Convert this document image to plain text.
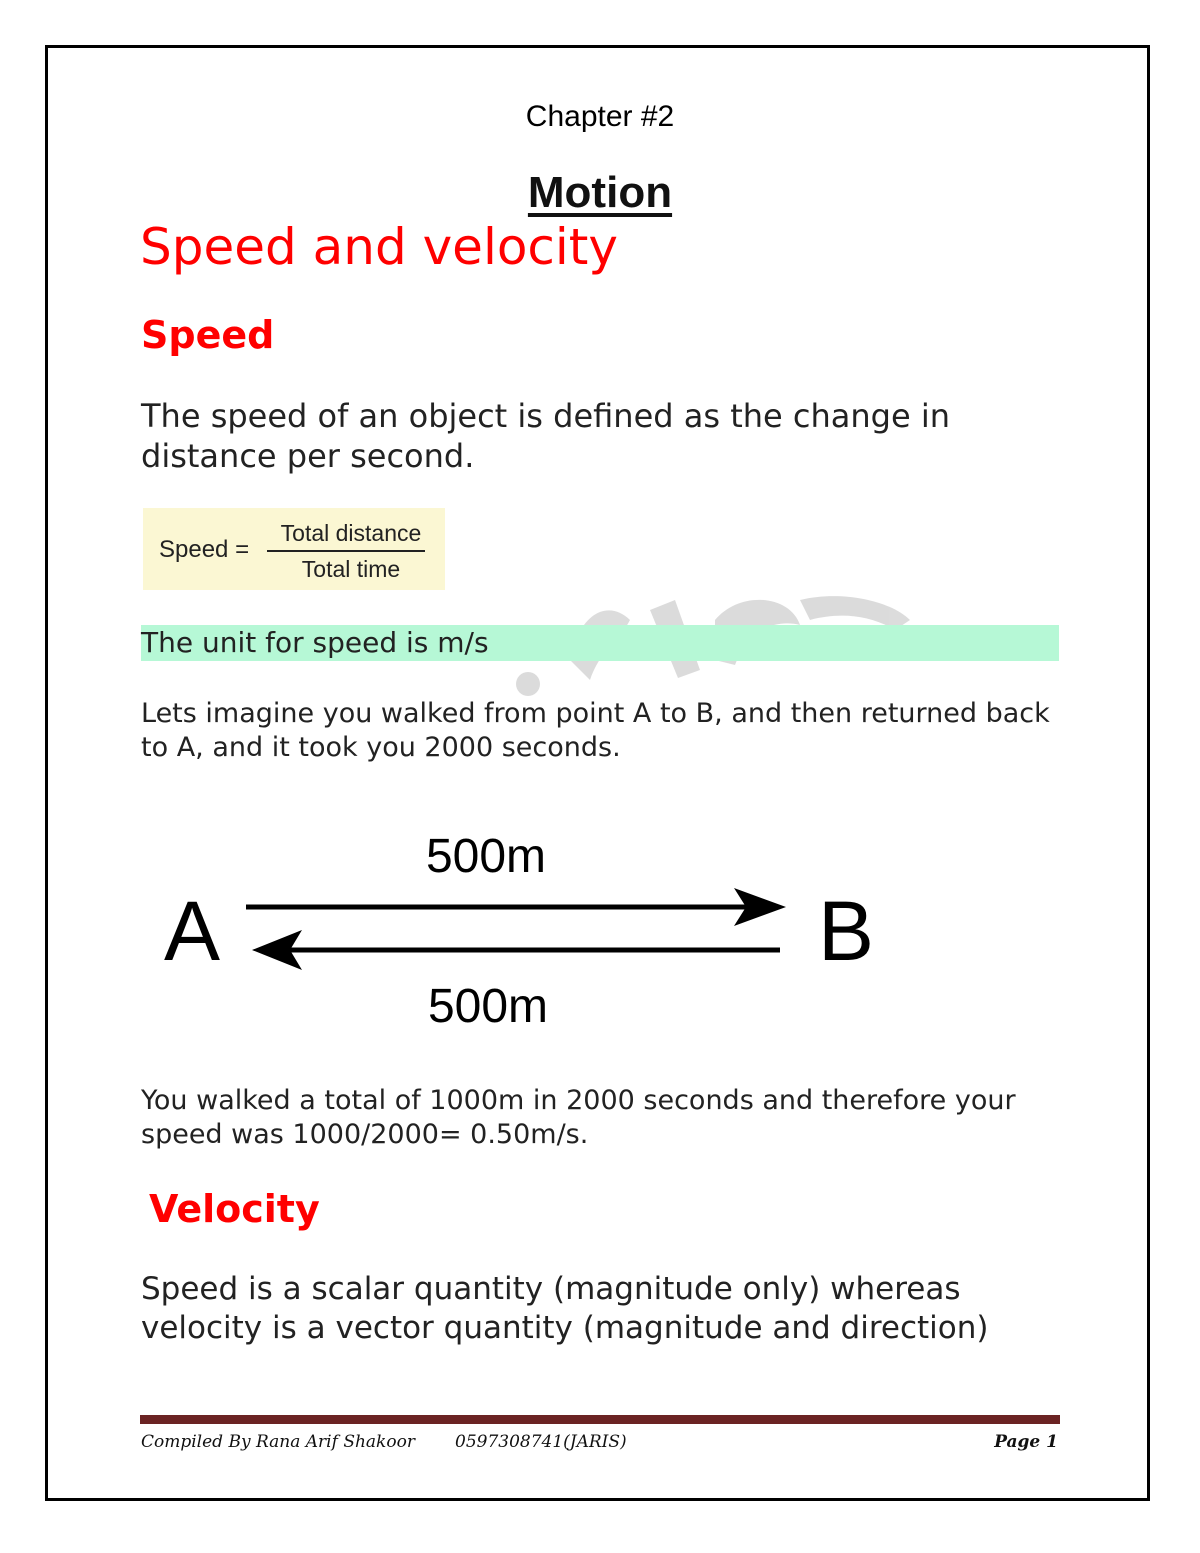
Chapter #2
Motion
Speed and velocity
Speed

The speed of an object is defined as the change in distance per second.

Speed =
Total distance
Total time
The unit for speed is m/s

Lets imagine you walked from point A to B, and then returned back to A, and it took you 2000 seconds.

500m
A	B
500m

You walked a total of 1000m in 2000 seconds and therefore your speed was 1000/2000= 0.50m/s.

Velocity

Speed is a scalar quantity (magnitude only) whereas velocity is a vector quantity (magnitude and direction)

Compiled By Rana Arif Shakoor 0597308741(JARIS)	Page 1
